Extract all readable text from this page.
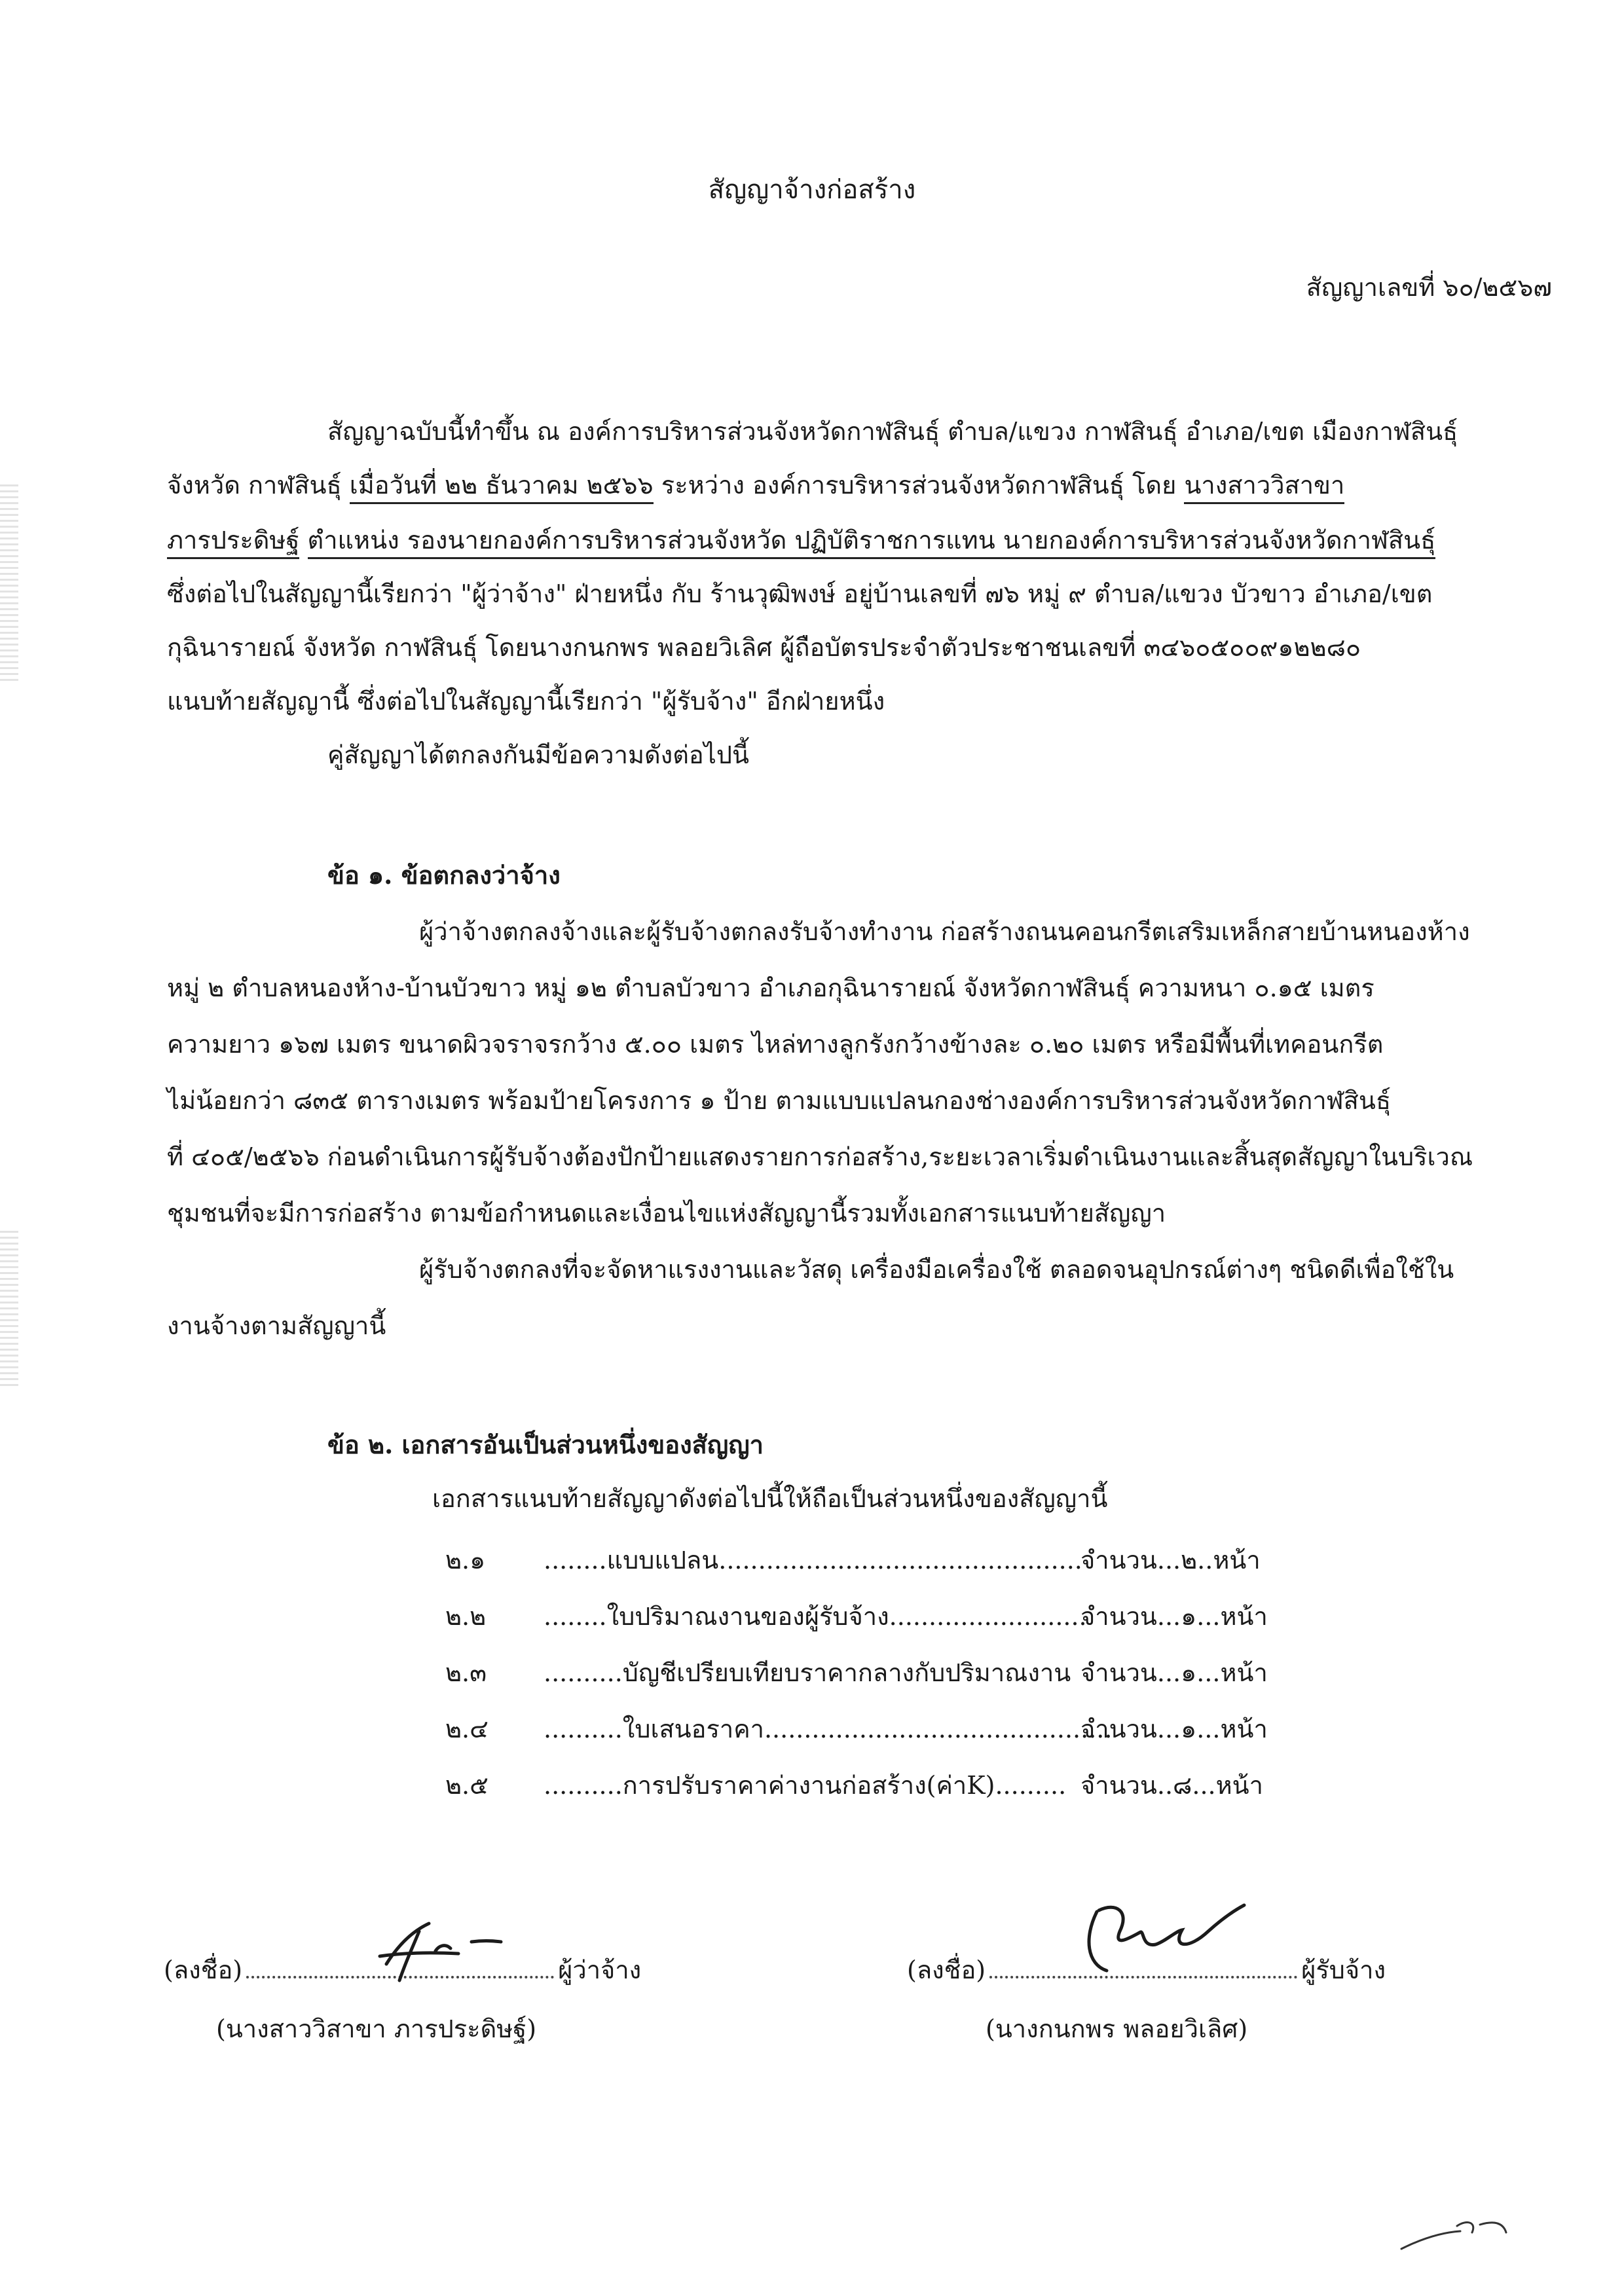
สัญญาจ้างก่อสร้าง
สัญญาเลขที่ ๖๐/๒๕๖๗
สัญญาฉบับนี้ทำขึ้น ณ องค์การบริหารส่วนจังหวัดกาฬสินธุ์ ตำบล/แขวง กาฬสินธุ์ อำเภอ/เขต เมืองกาฬสินธุ์
จังหวัด กาฬสินธุ์ เมื่อวันที่ ๒๒ ธันวาคม ๒๕๖๖ ระหว่าง องค์การบริหารส่วนจังหวัดกาฬสินธุ์ โดย นางสาววิสาขา
ภารประดิษฐ์ ตำแหน่ง รองนายกองค์การบริหารส่วนจังหวัด ปฏิบัติราชการแทน นายกองค์การบริหารส่วนจังหวัดกาฬสินธุ์
ซึ่งต่อไปในสัญญานี้เรียกว่า "ผู้ว่าจ้าง" ฝ่ายหนึ่ง กับ ร้านวุฒิพงษ์ อยู่บ้านเลขที่ ๗๖ หมู่ ๙ ตำบล/แขวง บัวขาว อำเภอ/เขต
กุฉินารายณ์ จังหวัด กาฬสินธุ์ โดยนางกนกพร พลอยวิเลิศ ผู้ถือบัตรประจำตัวประชาชนเลขที่ ๓๔๖๐๕๐๐๙๑๒๒๘๐
แนบท้ายสัญญานี้ ซึ่งต่อไปในสัญญานี้เรียกว่า "ผู้รับจ้าง" อีกฝ่ายหนึ่ง
คู่สัญญาได้ตกลงกันมีข้อความดังต่อไปนี้
ข้อ ๑. ข้อตกลงว่าจ้าง
ผู้ว่าจ้างตกลงจ้างและผู้รับจ้างตกลงรับจ้างทำงาน ก่อสร้างถนนคอนกรีตเสริมเหล็กสายบ้านหนองห้าง
หมู่ ๒ ตำบลหนองห้าง-บ้านบัวขาว หมู่ ๑๒ ตำบลบัวขาว อำเภอกุฉินารายณ์ จังหวัดกาฬสินธุ์ ความหนา ๐.๑๕ เมตร
ความยาว ๑๖๗ เมตร ขนาดผิวจราจรกว้าง ๕.๐๐ เมตร ไหล่ทางลูกรังกว้างข้างละ ๐.๒๐ เมตร หรือมีพื้นที่เทคอนกรีต
ไม่น้อยกว่า ๘๓๕ ตารางเมตร พร้อมป้ายโครงการ ๑ ป้าย ตามแบบแปลนกองช่างองค์การบริหารส่วนจังหวัดกาฬสินธุ์
ที่ ๔๐๕/๒๕๖๖ ก่อนดำเนินการผู้รับจ้างต้องปักป้ายแสดงรายการก่อสร้าง,ระยะเวลาเริ่มดำเนินงานและสิ้นสุดสัญญาในบริเวณ
ชุมชนที่จะมีการก่อสร้าง ตามข้อกำหนดและเงื่อนไขแห่งสัญญานี้รวมทั้งเอกสารแนบท้ายสัญญา
ผู้รับจ้างตกลงที่จะจัดหาแรงงานและวัสดุ เครื่องมือเครื่องใช้ ตลอดจนอุปกรณ์ต่างๆ ชนิดดีเพื่อใช้ใน
งานจ้างตามสัญญานี้
ข้อ ๒. เอกสารอันเป็นส่วนหนึ่งของสัญญา
เอกสารแนบท้ายสัญญาดังต่อไปนี้ให้ถือเป็นส่วนหนึ่งของสัญญานี้
๒.๑ ........แบบแปลน..............................................
จำนวน...๒..หน้า
๒.๒ ........ใบปริมาณงานของผู้รับจ้าง.........................
จำนวน...๑...หน้า
๒.๓ ..........บัญชีเปรียบเทียบราคากลางกับปริมาณงาน จำนวน...๑...หน้า
๒.๔ ..........ใบเสนอราคา............................................
จำนวน...๑...หน้า
๒.๕ ..........การปรับราคาค่างานก่อสร้าง(ค่าK)......... จำนวน..๘...หน้า
(ลงชื่อ)	ผู้ว่าจ้าง
(นางสาววิสาขา ภารประดิษฐ์)
(ลงชื่อ)	ผู้รับจ้าง
(นางกนกพร พลอยวิเลิศ)
